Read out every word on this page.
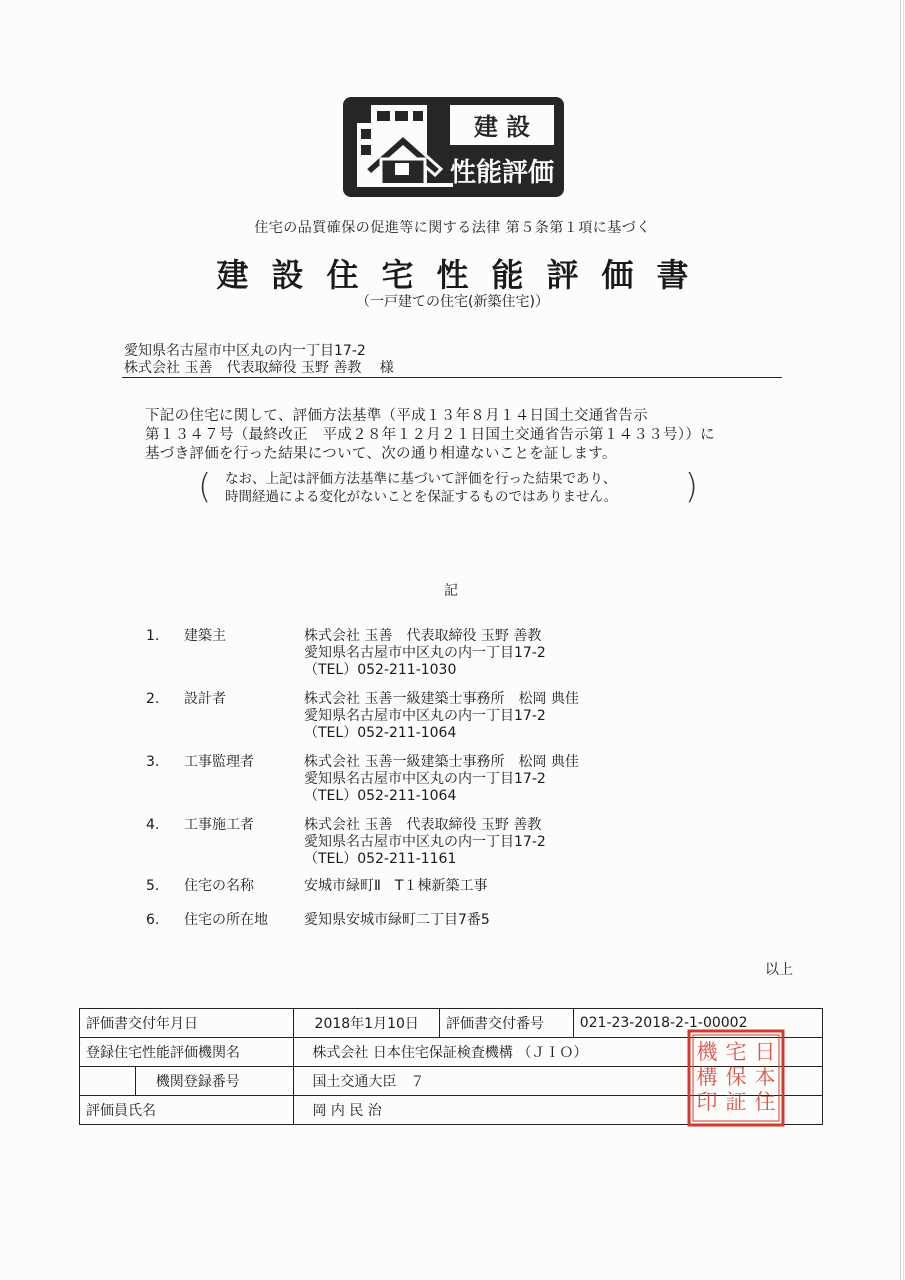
建 設
性能評価
住宅の品質確保の促進等に関する法律 第５条第１項に基づく
建設住宅性能評価書
（一戸建ての住宅(新築住宅)）
愛知県名古屋市中区丸の内一丁目17-2
株式会社 玉善　代表取締役 玉野 善教　 様
下記の住宅に関して、評価方法基準（平成１３年８月１４日国土交通省告示
第１３４７号（最終改正　平成２８年１２月２１日国土交通省告示第１４３３号））に
基づき評価を行った結果について、次の通り相違ないことを証します。
( なお、上記は評価方法基準に基づいて評価を行った結果であり、
時間経過による変化がないことを保証するものではありません。 )
記
1. 建築主	株式会社 玉善　代表取締役 玉野 善教
愛知県名古屋市中区丸の内一丁目17-2
（TEL）052-211-1030
2. 設計者	株式会社 玉善一級建築士事務所　松岡 典佳
愛知県名古屋市中区丸の内一丁目17-2
（TEL）052-211-1064
3. 工事監理者	株式会社 玉善一級建築士事務所　松岡 典佳
愛知県名古屋市中区丸の内一丁目17-2
（TEL）052-211-1064
4. 工事施工者	株式会社 玉善　代表取締役 玉野 善教
愛知県名古屋市中区丸の内一丁目17-2
（TEL）052-211-1161
5. 住宅の名称	安城市緑町Ⅱ　T１棟新築工事
6. 住宅の所在地	愛知県安城市緑町二丁目7番5
以上
評価書交付年月日		2018年1月10日	評価書交付番号	021-23-2018-2-1-00002
登録住宅性能評価機関名		株式会社 日本住宅保証検査機構 （ＪＩＯ）		
	機関登録番号	国土交通大臣　７		
評価員氏名		岡 内 民 治		
日
本
住
宅
保
証
機
構
印
